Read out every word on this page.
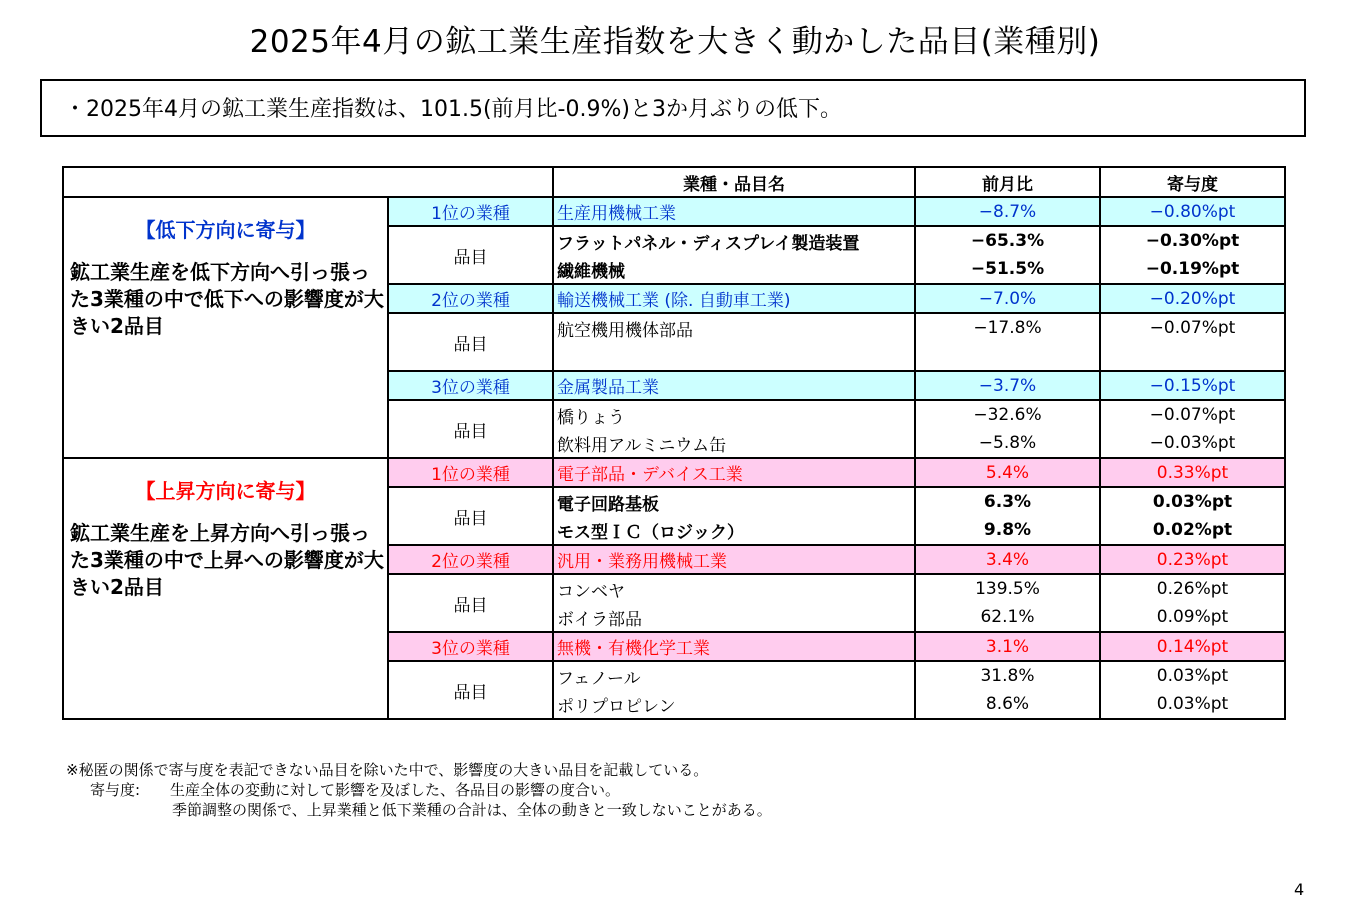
2025年4月の鉱工業生産指数を大きく動かした品目(業種別)
・2025年4月の鉱工業生産指数は、101.5(前月比-0.9%)と3か月ぶりの低下。
		業種・品目名	前月比	寄与度

【低下方向に寄与】
鉱工業生産を低下方向へ引っ張った3業種の中で低下への影響度が大きい2品目	1位の業種	生産用機械工業	−8.7%	−0.80%pt
	品目	フラットパネル・ディスプレイ製造装置	−65.3%	−0.30%pt
		繊維機械	−51.5%	−0.19%pt
	2位の業種	輸送機械工業 (除. 自動車工業)	−7.0%	−0.20%pt
	品目	航空機用機体部品	−17.8%	−0.07%pt

	3位の業種	金属製品工業	−3.7%	−0.15%pt
	品目	橋りょう	−32.6%	−0.07%pt
		飲料用アルミニウム缶	−5.8%	−0.03%pt

【上昇方向に寄与】
鉱工業生産を上昇方向へ引っ張った3業種の中で上昇への影響度が大きい2品目	1位の業種	電子部品・デバイス工業	5.4%	0.33%pt
	品目	電子回路基板	6.3%	0.03%pt
		モス型ＩＣ（ロジック）	9.8%	0.02%pt
	2位の業種	汎用・業務用機械工業	3.4%	0.23%pt
	品目	コンベヤ	139.5%	0.26%pt
		ボイラ部品	62.1%	0.09%pt
	3位の業種	無機・有機化学工業	3.1%	0.14%pt
	品目	フェノール	31.8%	0.03%pt
		ポリプロピレン	8.6%	0.03%pt
※秘匿の関係で寄与度を表記できない品目を除いた中で、影響度の大きい品目を記載している。
寄与度:　　生産全体の変動に対して影響を及ぼした、各品目の影響の度合い。
季節調整の関係で、上昇業種と低下業種の合計は、全体の動きと一致しないことがある。
4
